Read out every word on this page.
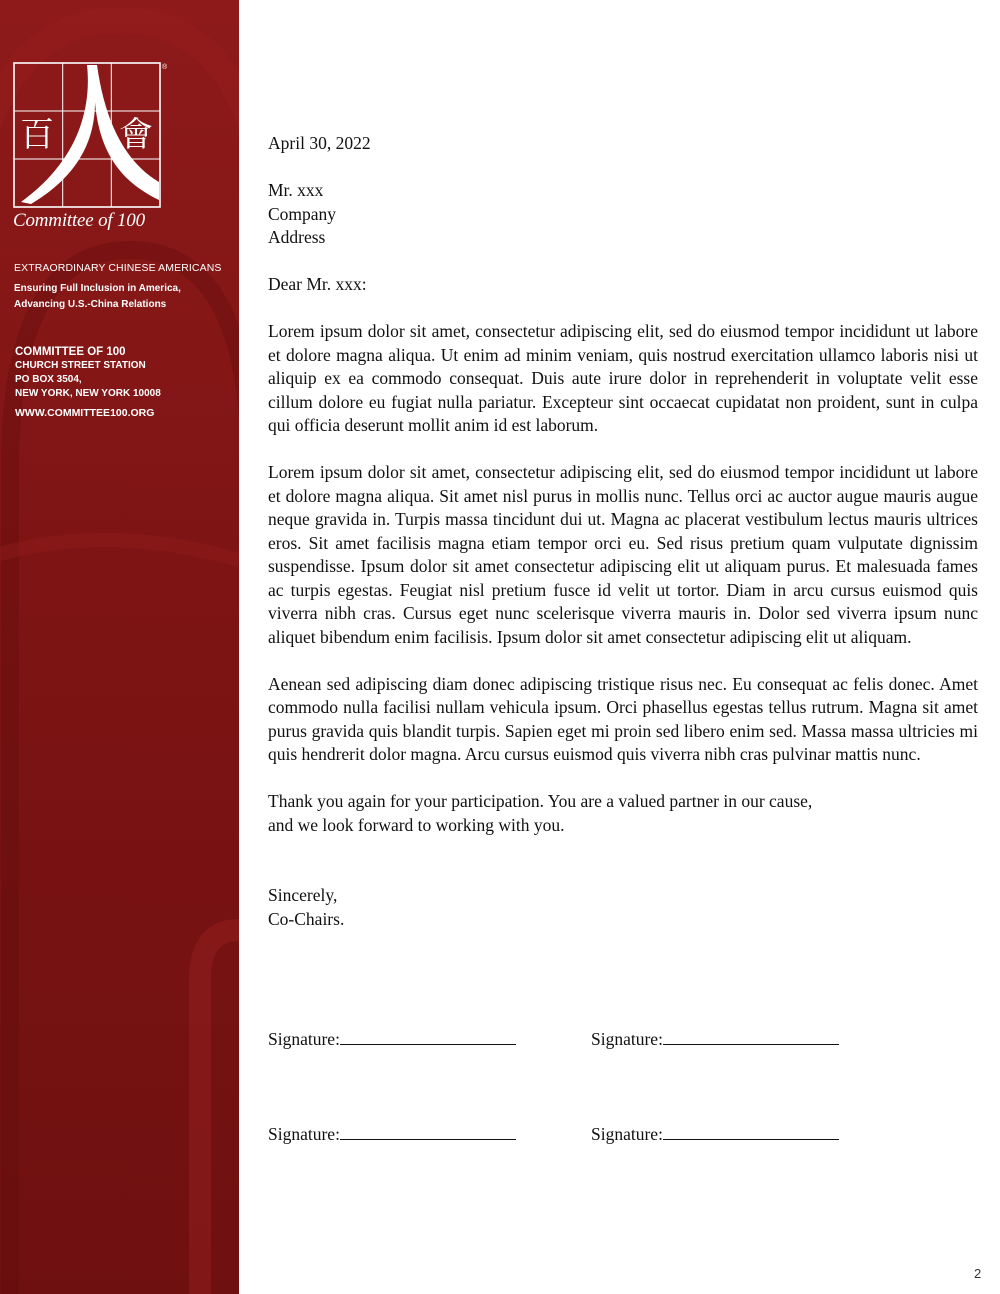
百 會
®
Committee of 100
EXTRAORDINARY CHINESE AMERICANS
Ensuring Full Inclusion in America,
Advancing U.S.-China Relations
COMMITTEE OF 100
CHURCH STREET STATION
PO BOX 3504,
NEW YORK, NEW YORK 10008
WWW.COMMITTEE100.ORG

April 30, 2022

Mr. xxx

Company

Address

Dear Mr. xxx:

Lorem ipsum dolor sit amet, consectetur adipiscing elit, sed do eiusmod tempor incididunt ut labore et dolore magna aliqua. Ut enim ad minim veniam, quis nostrud exercitation ullamco laboris nisi ut aliquip ex ea commodo consequat. Duis aute irure dolor in reprehenderit in voluptate velit esse cillum dolore eu fugiat nulla pariatur. Excepteur sint occaecat cupidatat non proident, sunt in culpa qui officia deserunt mollit anim id est laborum.

Lorem ipsum dolor sit amet, consectetur adipiscing elit, sed do eiusmod tempor incididunt ut labore et dolore magna aliqua. Sit amet nisl purus in mollis nunc. Tellus orci ac auctor augue mauris augue neque gravida in. Turpis massa tincidunt dui ut. Magna ac placerat vestibulum lectus mauris ultrices eros. Sit amet facilisis magna etiam tempor orci eu. Sed risus pretium quam vulputate dignissim suspendisse. Ipsum dolor sit amet consectetur adipiscing elit ut aliquam purus. Et malesuada fames ac turpis egestas. Feugiat nisl pretium fusce id velit ut tortor. Diam in arcu cursus euismod quis viverra nibh cras. Cursus eget nunc scelerisque viverra mauris in. Dolor sed viverra ipsum nunc aliquet bibendum enim facilisis. Ipsum dolor sit amet consectetur adipiscing elit ut aliquam.

Aenean sed adipiscing diam donec adipiscing tristique risus nec. Eu consequat ac felis donec. Amet commodo nulla facilisi nullam vehicula ipsum. Orci phasellus egestas tellus rutrum. Magna sit amet purus gravida quis blandit turpis. Sapien eget mi proin sed libero enim sed. Massa massa ultricies mi quis hendrerit dolor magna. Arcu cursus euismod quis viverra nibh cras pulvinar mattis nunc.

Thank you again for your participation. You are a valued partner in our cause,

and we look forward to working with you.

Sincerely,

Co-Chairs.

Signature:	Signature:
Signature:	Signature:
2
